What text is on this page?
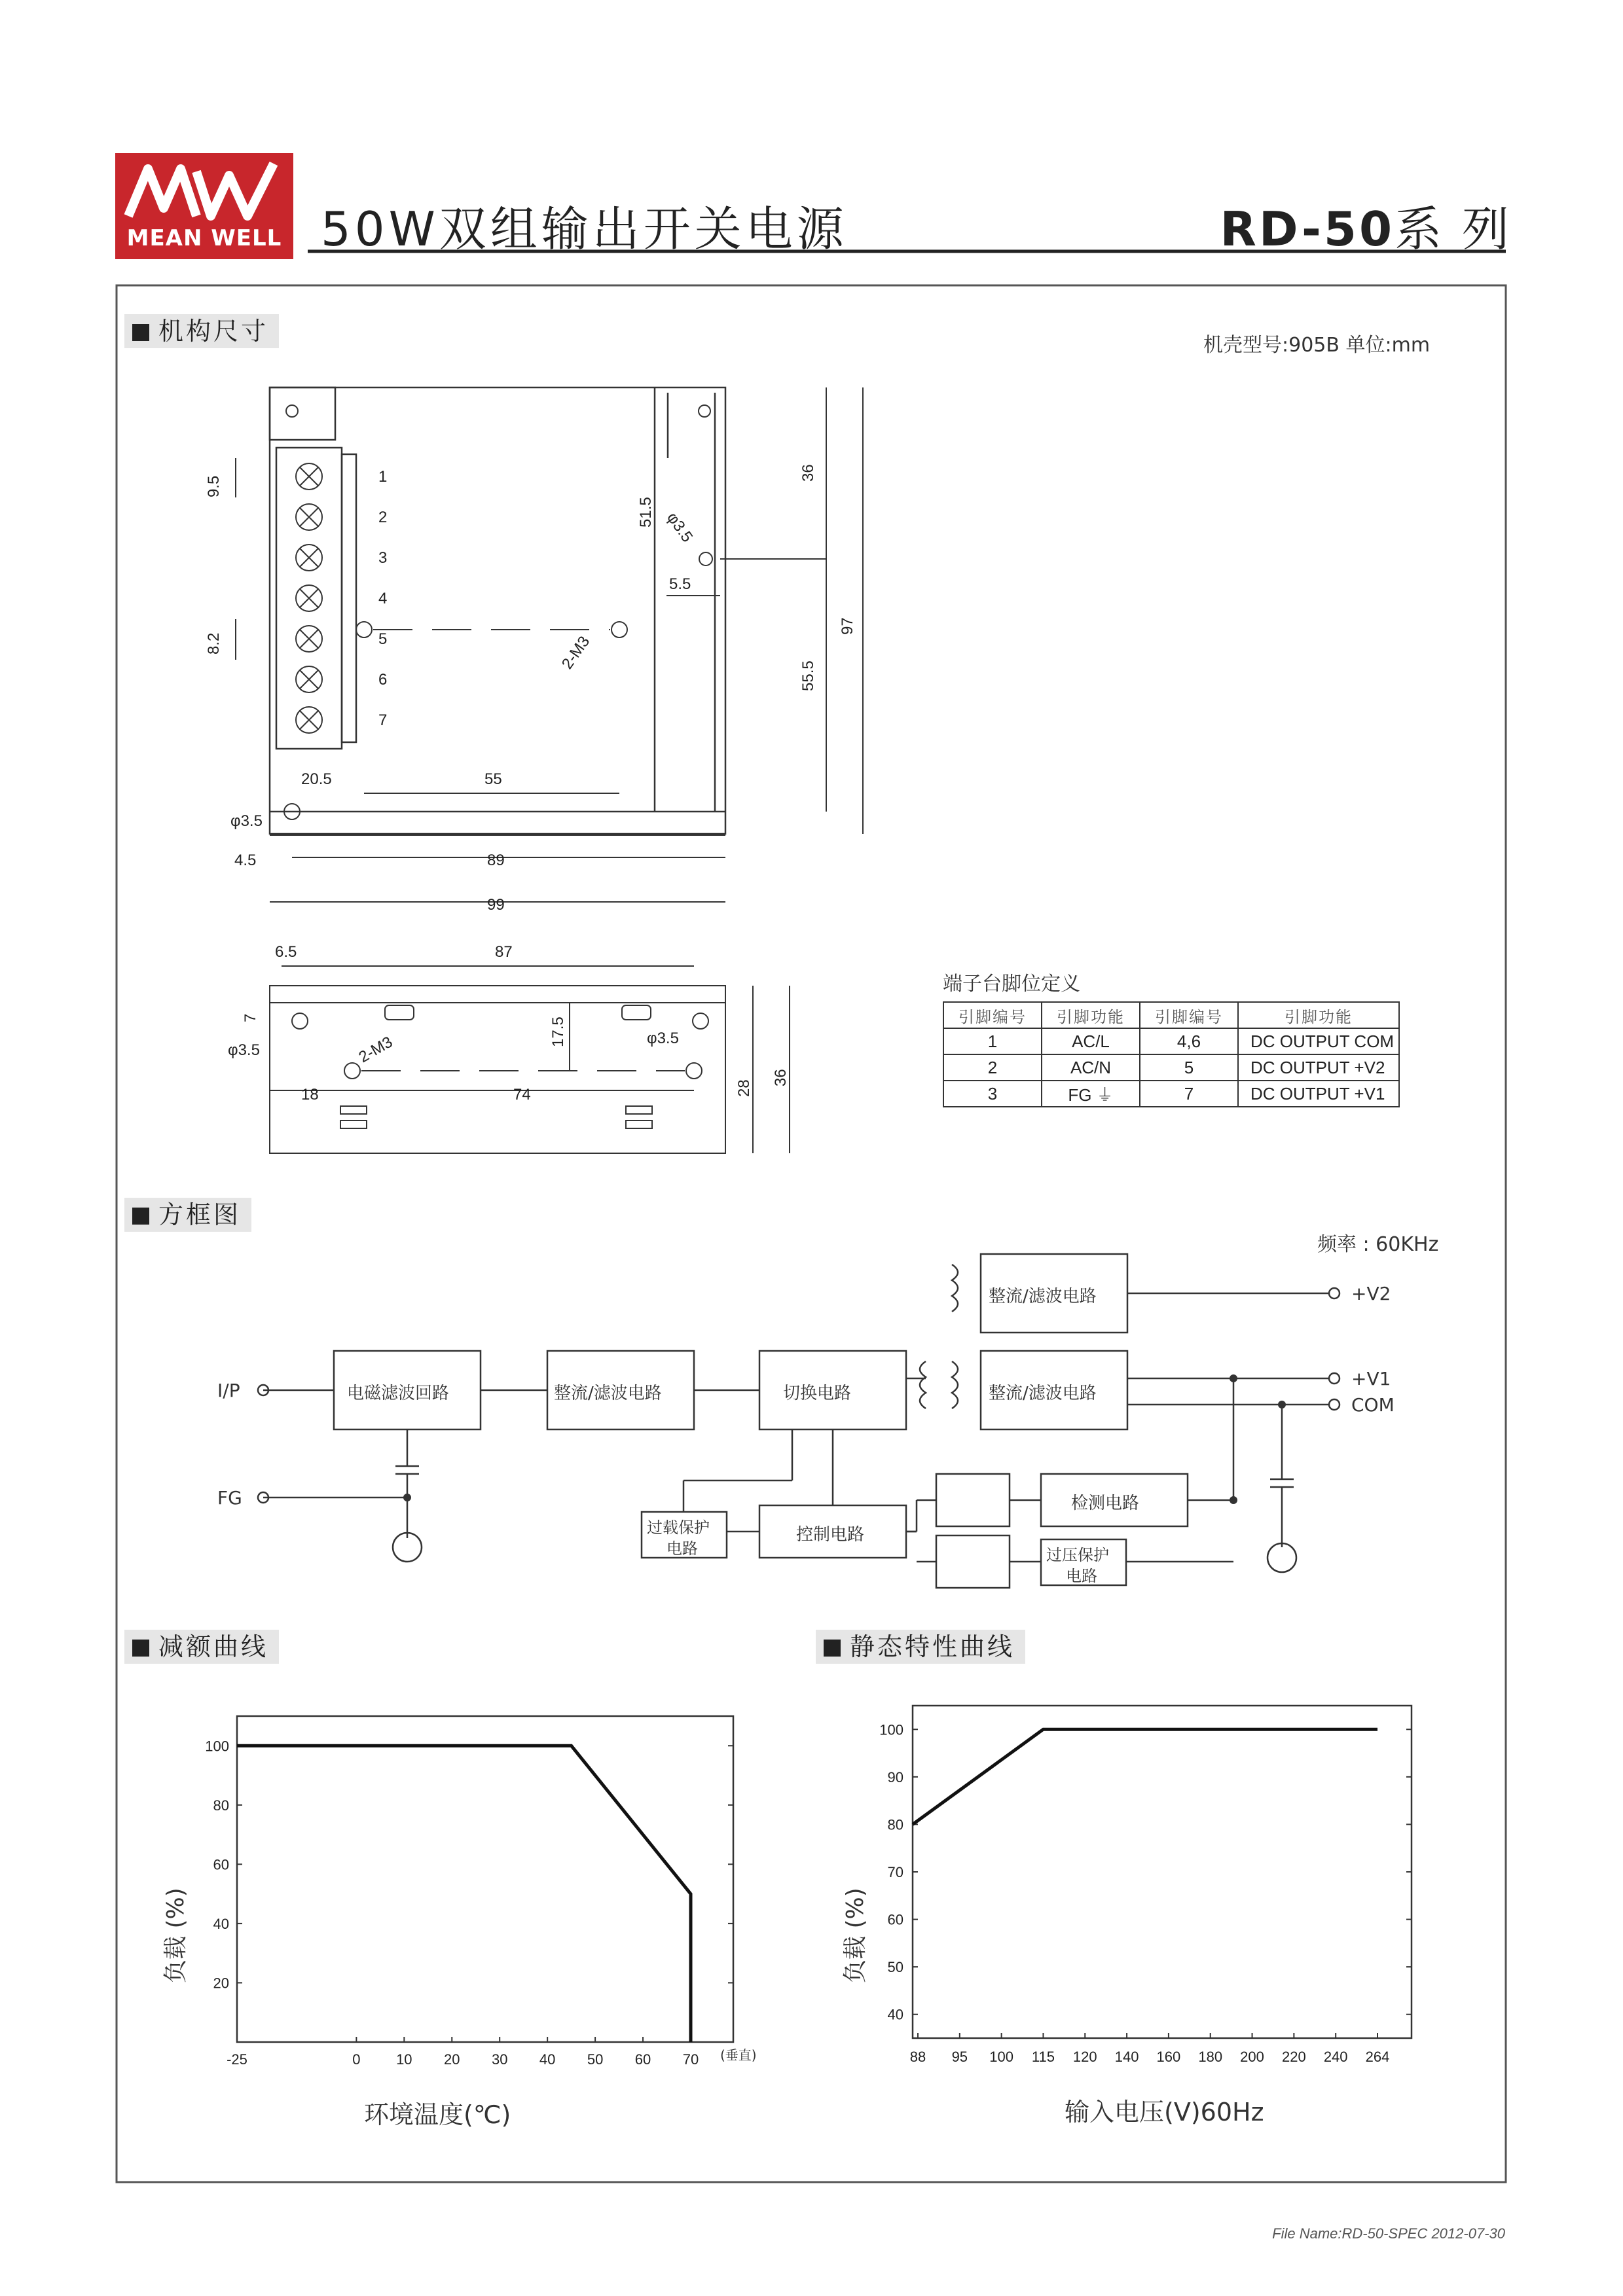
MEAN WELL 50W双组输出开关电源	RD-50系 列
机构尺寸	机壳型号:905B 单位:mm
1
2
3
4
5
6
7
9.5
8.2
51.5
36
97
55.5
5.5
20.5	55
4.5	89
99
6.5	87
18	74
17.5
28
36
7
φ3.5
φ3.5
2-M3
φ3.5	2-M3	φ3.5
端子台脚位定义
引脚编号	引脚功能	引脚编号	引脚功能
1	AC/L	4,6	DC OUTPUT COM
2	AC/N	5	DC OUTPUT +V2
3	FG ⏚	7	DC OUTPUT +V1
方框图
频率 : 60KHz
I/P
FG
+V2
+V1
COM
电磁滤波回路	整流/滤波电路	切换电路
整流/滤波电路
整流/滤波电路
检测电路
控制电路
过载保护
电路	过压保护
电路
减额曲线
-25	0 10 20 30 40 50 60 70
100
80
60
40
20
负载 (%)
环境温度(℃)
(垂直)
静态特性曲线
88 95 100 115 120 140 160 180 200 220 240 264
100
90
80
70
60
50
40
负载 (%)
输入电压(V)60Hz
File Name:RD-50-SPEC 2012-07-30
